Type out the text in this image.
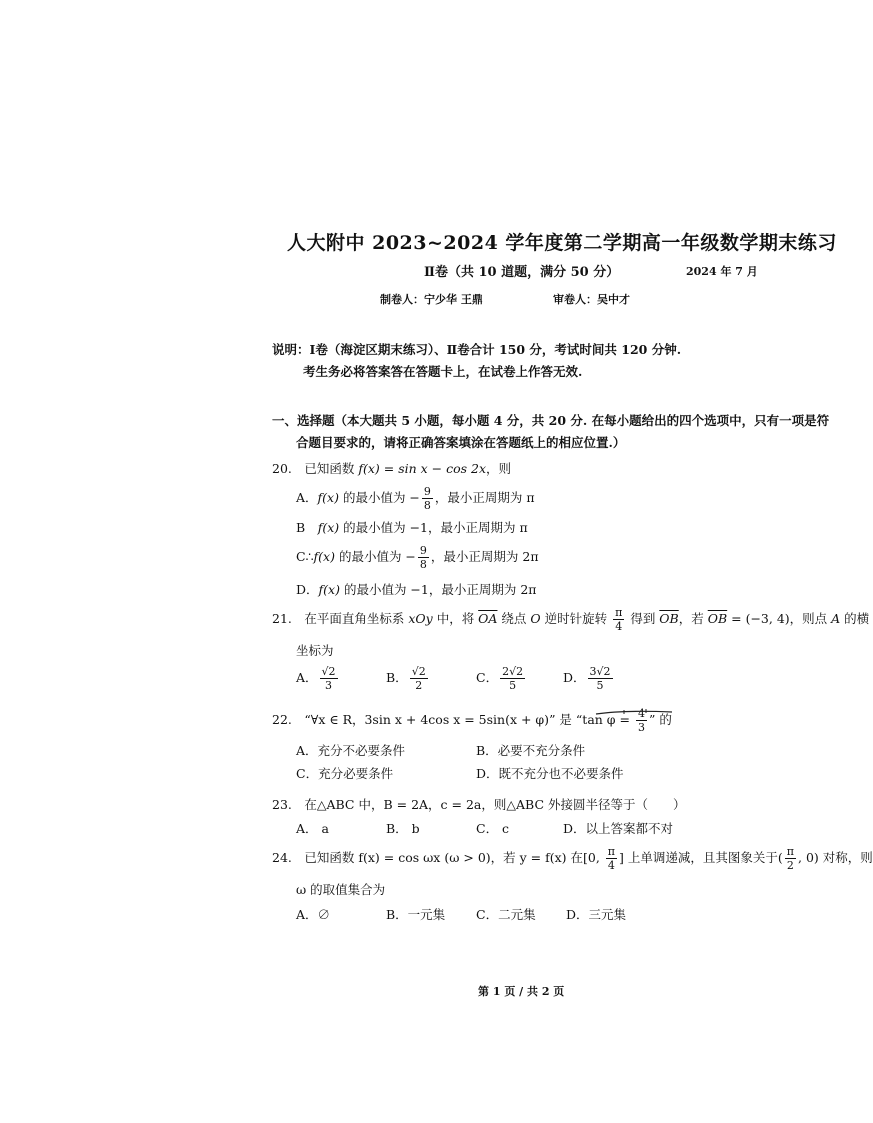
人大附中 2023~2024 学年度第二学期高一年级数学期末练习
Ⅱ卷（共 10 道题，满分 50 分）	2024 年 7 月
制卷人：宁少华 王鼎	审卷人：吴中才
说明：Ⅰ卷（海淀区期末练习）、Ⅱ卷合计 150 分，考试时间共 120 分钟.
考生务必将答案答在答题卡上，在试卷上作答无效.
一、选择题（本大题共 5 小题，每小题 4 分，共 20 分. 在每小题给出的四个选项中，只有一项是符
合题目要求的，请将正确答案填涂在答题纸上的相应位置.）
20.　已知函数 f(x) = sin x − cos 2x，则
A．f(x) 的最小值为 − $\frac{9}{8}$ ，最小正周期为 π
B　f(x) 的最小值为 −1，最小正周期为 π
C∴f(x) 的最小值为 − $\frac{9}{8}$ ，最小正周期为 2π
D．f(x) 的最小值为 −1，最小正周期为 2π
21.　在平面直角坐标系 xOy 中，将 $\overline{OA}$ 绕点 O 逆时针旋转 $\frac{\pi}{4}$ 得到 $\overline{OB}$，若 $\overline{OB} = (-3$, 4)，则点 A 的横
坐标为
A． $\frac{√2}{3}$	B． $\frac{√2}{2}$	C． $\frac{2√2}{5}$	D． $\frac{3√2}{5}$
22.　“∀x ∈ R，3sin x + 4cos x = 5sin(x + φ)” 是 “tan $\varphi = \frac{4}{3}$ ” 的
A．充分不必要条件	B．必要不充分条件
C．充分必要条件	D．既不充分也不必要条件
23.　在△ABC 中，B = 2A，c = 2a，则△ABC 外接圆半径等于（　　）
A． a	B． b	C． c	D．以上答案都不对
24.　已知函数 f(x) = cos ωx (ω > 0)，若 y = f(x) 在[0, $\frac{\pi}{4}$ ] 上单调递减，且其图象关于( $\frac{\pi}{2}$ , 0) 对称，则
ω 的取值集合为
A．∅	B．一元集 C．二元集 D．三元集
第 1 页 / 共 2 页
